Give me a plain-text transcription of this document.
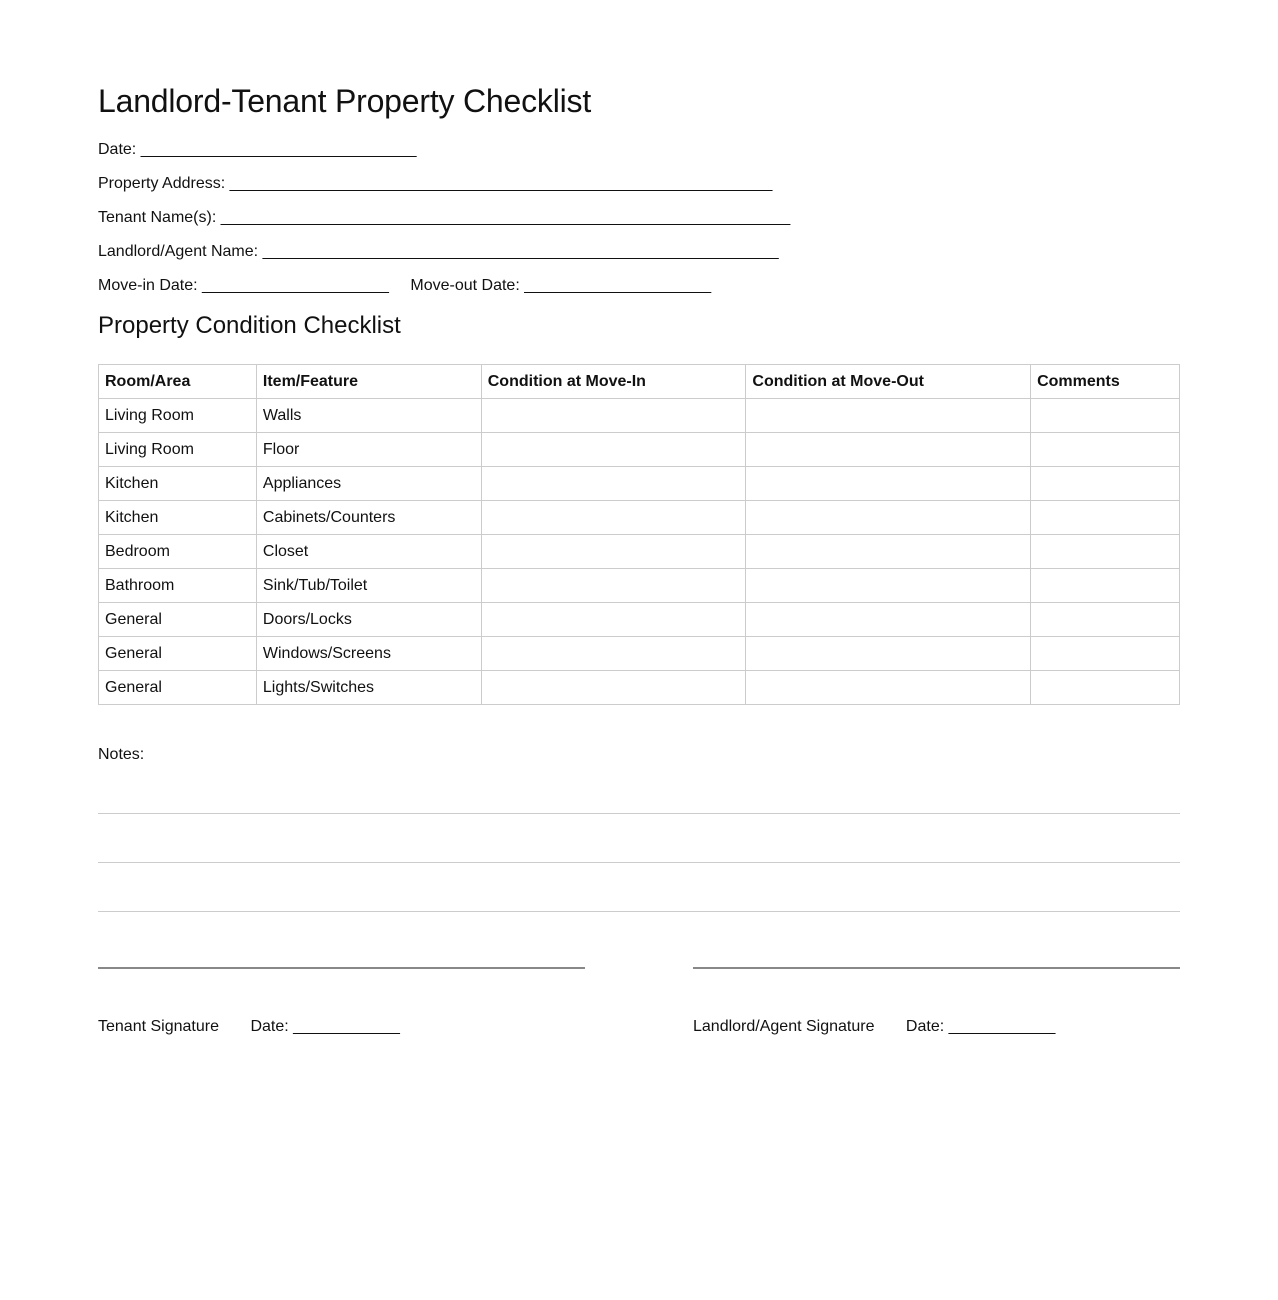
Landlord-Tenant Property Checklist
Date: _______________________________
Property Address: _____________________________________________________________
Tenant Name(s): ________________________________________________________________
Landlord/Agent Name: __________________________________________________________
Move-in Date: _____________________ Move-out Date: _____________________
Property Condition Checklist
Room/Area	Item/Feature	Condition at Move-In	Condition at Move-Out	Comments
Living Room	Walls			
Living Room	Floor			
Kitchen	Appliances			
Kitchen	Cabinets/Counters			
Bedroom	Closet			
Bathroom	Sink/Tub/Toilet			
General	Doors/Locks			
General	Windows/Screens			
General	Lights/Switches			
Notes:
Tenant Signature Date: ____________	Landlord/Agent Signature Date: ____________
